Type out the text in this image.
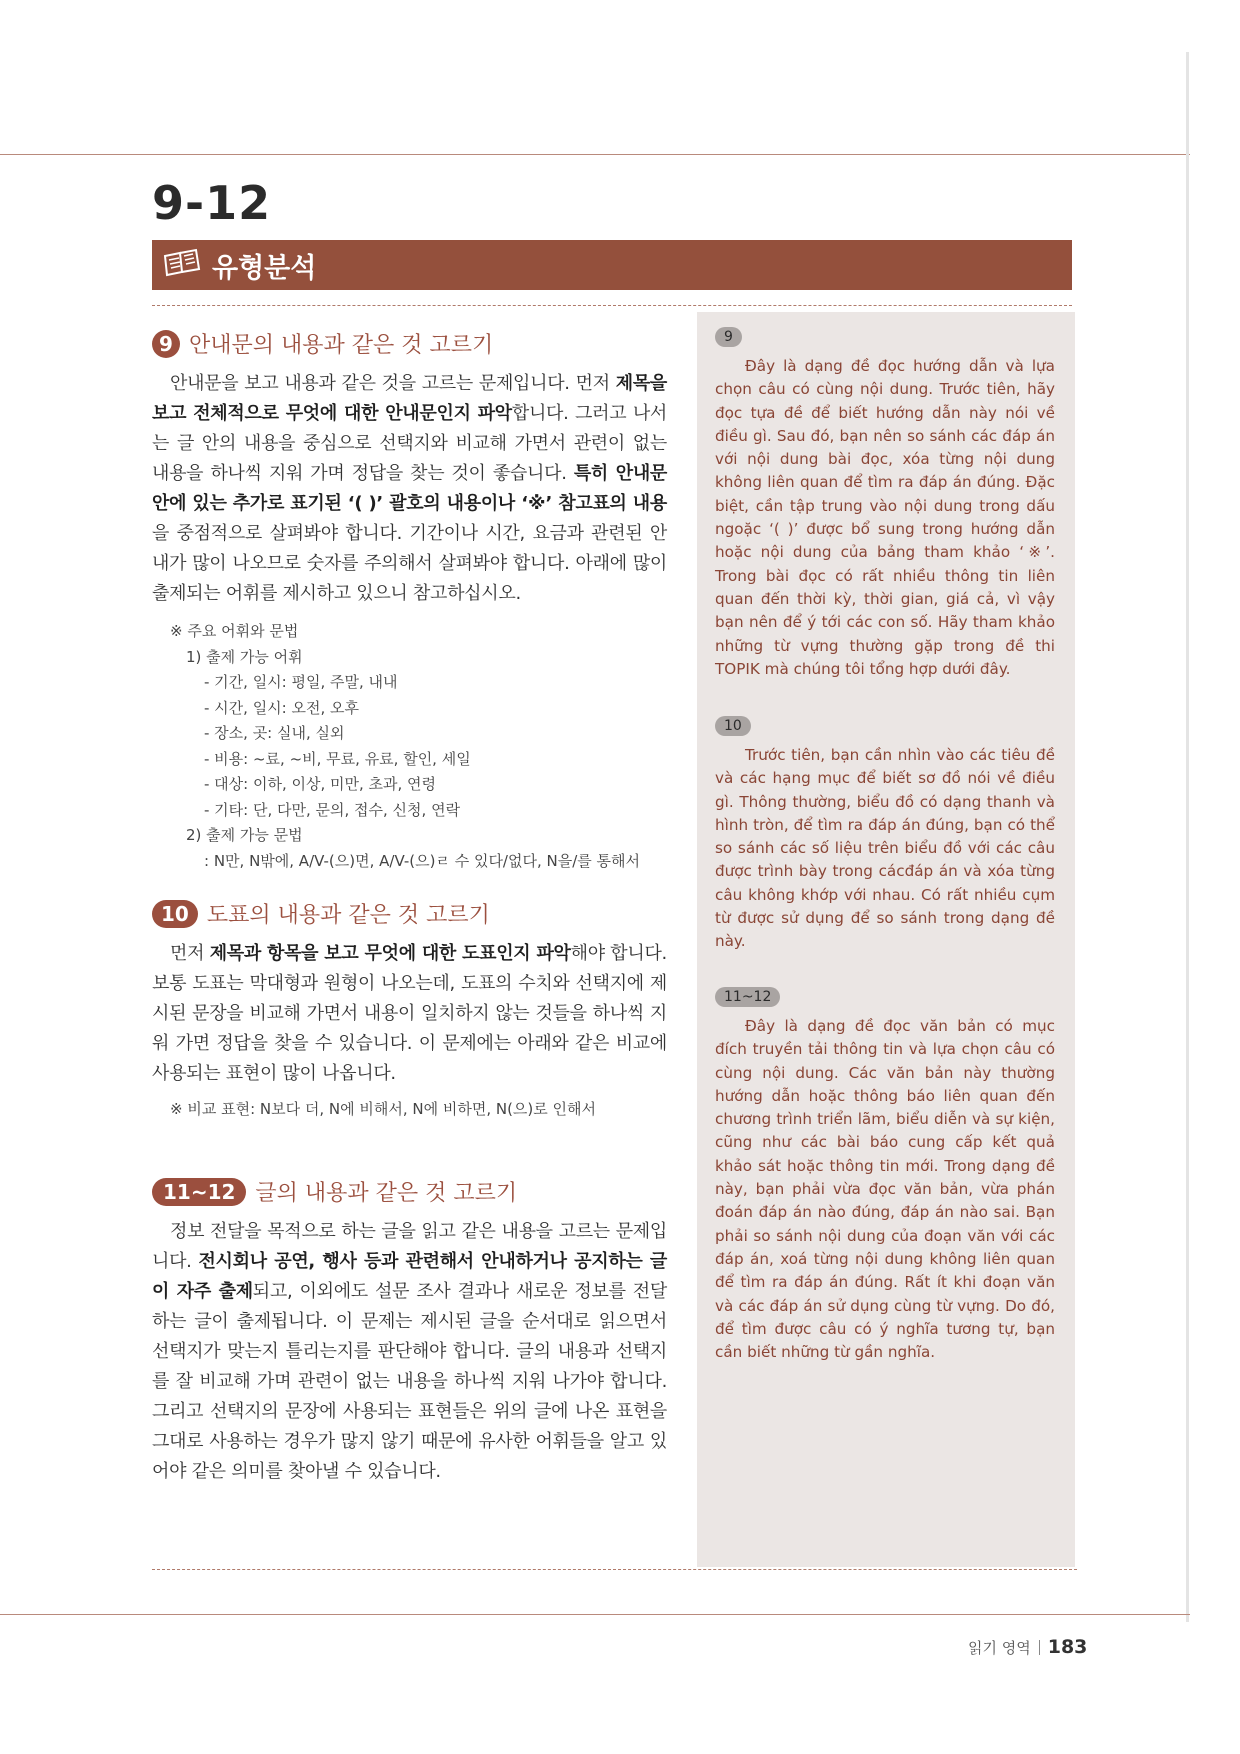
9-12
유형분석
9
Đây là dạng đề đọc hướng dẫn và lựa chọn câu có cùng nội dung. Trước tiên, hãy đọc tựa đề để biết hướng dẫn này nói về điều gì. Sau đó, bạn nên so sánh các đáp án với nội dung bài đọc, xóa từng nội dung không liên quan để tìm ra đáp án đúng. Đặc biệt, cần tập trung vào nội dung trong dấu ngoặc ‘( )’ được bổ sung trong hướng dẫn hoặc nội dung của bảng tham khảo ‘※’. Trong bài đọc có rất nhiều thông tin liên quan đến thời kỳ, thời gian, giá cả, vì vậy bạn nên để ý tới các con số. Hãy tham khảo những từ vựng thường gặp trong đề thi TOPIK mà chúng tôi tổng hợp dưới đây.
10
Trước tiên, bạn cần nhìn vào các tiêu đề và các hạng mục để biết sơ đồ nói về điều gì. Thông thường, biểu đồ có dạng thanh và hình tròn, để tìm ra đáp án đúng, bạn có thể so sánh các số liệu trên biểu đồ với các câu được trình bày trong cácđáp án và xóa từng câu không khớp với nhau. Có rất nhiều cụm từ được sử dụng để so sánh trong dạng đề này.
11~12
Đây là dạng đề đọc văn bản có mục đích truyền tải thông tin và lựa chọn câu có cùng nội dung. Các văn bản này thường hướng dẫn hoặc thông báo liên quan đến chương trình triển lãm, biểu diễn và sự kiện, cũng như các bài báo cung cấp kết quả khảo sát hoặc thông tin mới. Trong dạng đề này, bạn phải vừa đọc văn bản, vừa phán đoán đáp án nào đúng, đáp án nào sai. Bạn phải so sánh nội dung của đoạn văn với các đáp án, xoá từng nội dung không liên quan để tìm ra đáp án đúng. Rất ít khi đoạn văn và các đáp án sử dụng cùng từ vựng. Do đó, để tìm được câu có ý nghĩa tương tự, bạn cần biết những từ gần nghĩa.
9 안내문의 내용과 같은 것 고르기
안내문을 보고 내용과 같은 것을 고르는 문제입니다. 먼저 제목을 보고 전체적으로 무엇에 대한 안내문인지 파악합니다. 그러고 나서는 글 안의 내용을 중심으로 선택지와 비교해 가면서 관련이 없는 내용을 하나씩 지워 가며 정답을 찾는 것이 좋습니다. 특히 안내문 안에 있는 추가로 표기된 ‘( )’ 괄호의 내용이나 ‘※’ 참고표의 내용을 중점적으로 살펴봐야 합니다. 기간이나 시간, 요금과 관련된 안내가 많이 나오므로 숫자를 주의해서 살펴봐야 합니다. 아래에 많이 출제되는 어휘를 제시하고 있으니 참고하십시오.
※ 주요 어휘와 문법
1) 출제 가능 어휘
- 기간, 일시: 평일, 주말, 내내
- 시간, 일시: 오전, 오후
- 장소, 곳: 실내, 실외
- 비용: ~료, ~비, 무료, 유료, 할인, 세일
- 대상: 이하, 이상, 미만, 초과, 연령
- 기타: 단, 다만, 문의, 접수, 신청, 연락
2) 출제 가능 문법
: N만, N밖에, A/V-(으)면, A/V-(으)ㄹ 수 있다/없다, N을/를 통해서
10 도표의 내용과 같은 것 고르기
먼저 제목과 항목을 보고 무엇에 대한 도표인지 파악해야 합니다. 보통 도표는 막대형과 원형이 나오는데, 도표의 수치와 선택지에 제시된 문장을 비교해 가면서 내용이 일치하지 않는 것들을 하나씩 지워 가면 정답을 찾을 수 있습니다. 이 문제에는 아래와 같은 비교에 사용되는 표현이 많이 나옵니다.
※ 비교 표현: N보다 더, N에 비해서, N에 비하면, N(으)로 인해서
11~12 글의 내용과 같은 것 고르기
정보 전달을 목적으로 하는 글을 읽고 같은 내용을 고르는 문제입니다. 전시회나 공연, 행사 등과 관련해서 안내하거나 공지하는 글이 자주 출제되고, 이외에도 설문 조사 결과나 새로운 정보를 전달하는 글이 출제됩니다. 이 문제는 제시된 글을 순서대로 읽으면서 선택지가 맞는지 틀리는지를 판단해야 합니다. 글의 내용과 선택지를 잘 비교해 가며 관련이 없는 내용을 하나씩 지워 나가야 합니다. 그리고 선택지의 문장에 사용되는 표현들은 위의 글에 나온 표현을 그대로 사용하는 경우가 많지 않기 때문에 유사한 어휘들을 알고 있어야 같은 의미를 찾아낼 수 있습니다.
읽기 영역 183
